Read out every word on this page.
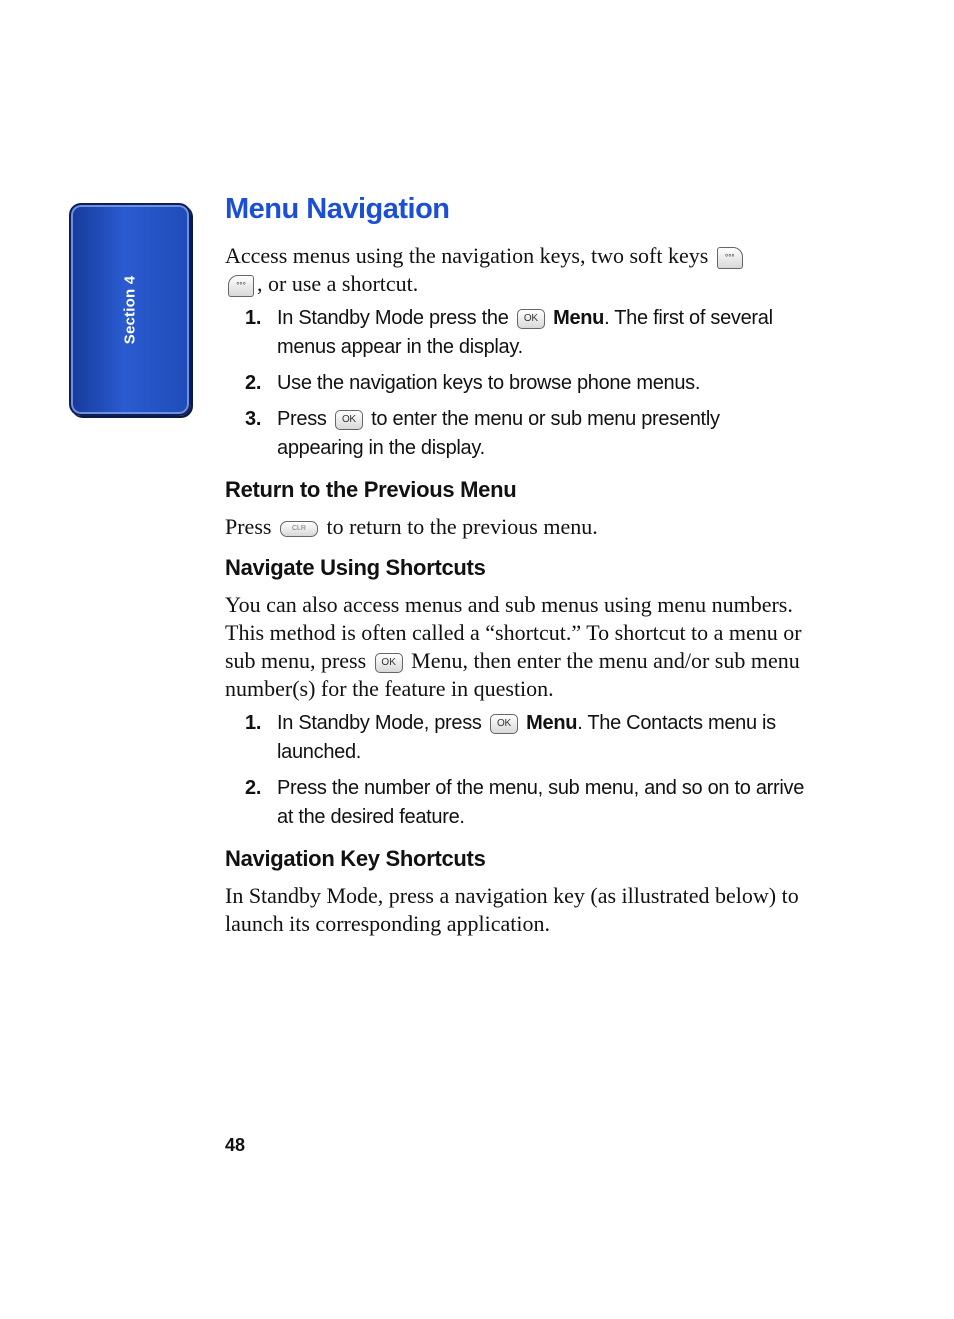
Section 4
Menu Navigation

Access menus using the navigation keys, two soft keys °°°
°°° , or use a shortcut.

1. In Standby Mode press the OK Menu. The first of several menus appear in the display.
2. Use the navigation keys to browse phone menus.
3. Press OK to enter the menu or sub menu presently appearing in the display.
Return to the Previous Menu

Press	CLR to return to the previous menu.

Navigate Using Shortcuts

You can also access menus and sub menus using menu numbers. This method is often called a “shortcut.” To shortcut to a menu or sub menu, press OK Menu, then enter the menu and/or sub menu number(s) for the feature in question.

1. In Standby Mode, press OK Menu. The Contacts menu is launched.
2. Press the number of the menu, sub menu, and so on to arrive at the desired feature.
Navigation Key Shortcuts

In Standby Mode, press a navigation key (as illustrated below) to launch its corresponding application.

48
